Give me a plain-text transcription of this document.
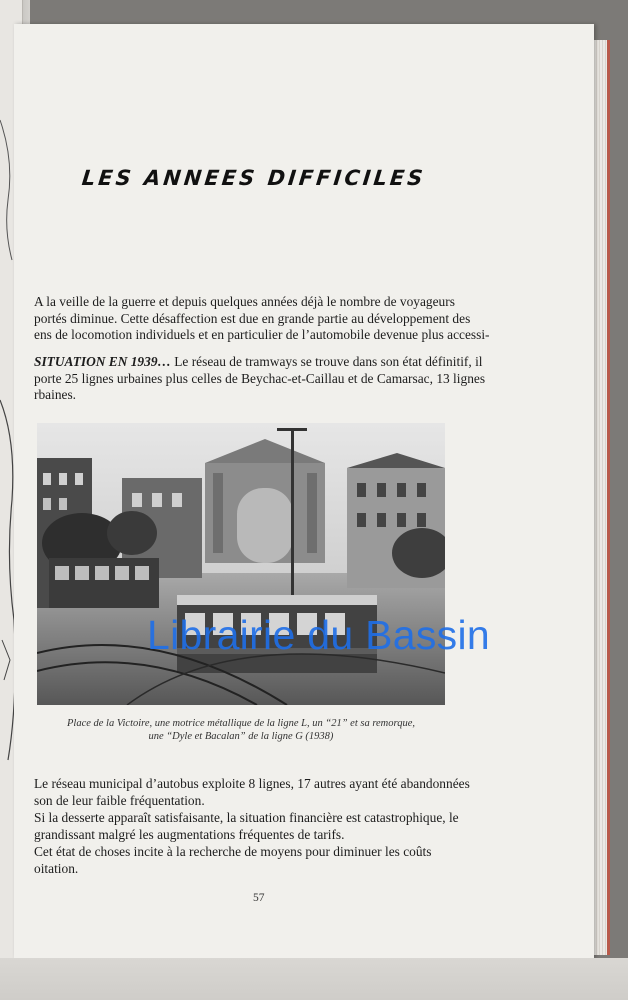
LES ANNEES DIFFICILES

A la veille de la guerre et depuis quelques années déjà le nombre de voyageurs
portés diminue. Cette désaffection est due en grande partie au développement des
ens de locomotion individuels et en particulier de l’automobile devenue plus accessi-

SITUATION EN 1939… Le réseau de tramways se trouve dans son état définitif, il
porte 25 lignes urbaines plus celles de Beychac-et-Caillau et de Camarsac, 13 lignes
rbaines.

Place de la Victoire, une motrice métallique de la ligne L, un “21” et sa remorque,
une “Dyle et Bacalan” de la ligne G (1938)

Le réseau municipal d’autobus exploite 8 lignes, 17 autres ayant été abandonnées
son de leur faible fréquentation.

Si la desserte apparaît satisfaisante, la situation financière est catastrophique, le
grandissant malgré les augmentations fréquentes de tarifs.

Cet état de choses incite à la recherche de moyens pour diminuer les coûts
oitation.

57
Librairie du Bassin
